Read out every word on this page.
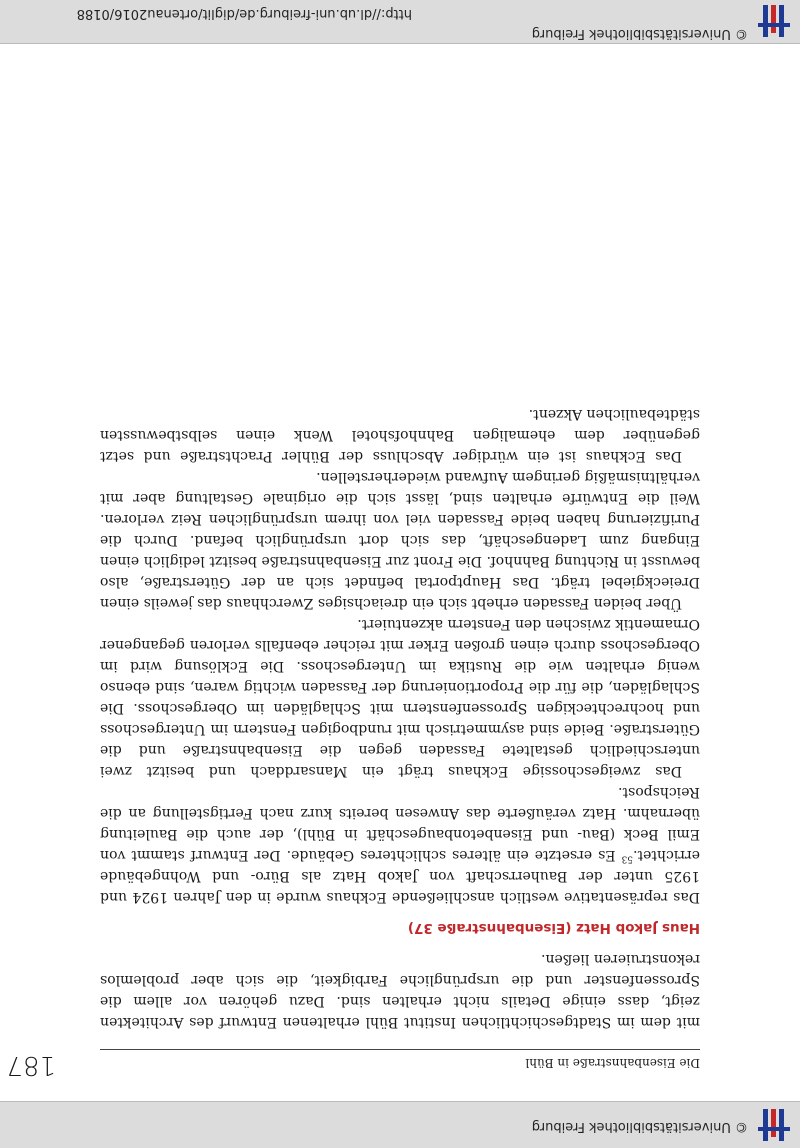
© Universitätsbibliothek Freiburg
Die Eisenbahnstraße in Bühl
187

mit dem im Stadtgeschichtlichen Institut Bühl erhaltenen Entwurf des Architekten zeigt, dass einige Details nicht erhalten sind. Dazu gehören vor allem die Sprossenfenster und die ursprüngliche Farbigkeit, die sich aber problemlos rekonstruieren ließen.

Haus Jakob Hatz (Eisenbahnstraße 37)

Das repräsentative westlich anschließende Eckhaus wurde in den Jahren 1924 und 1925 unter der Bauherrschaft von Jakob Hatz als Büro- und Wohngebäude errichtet.$^{53}$ Es ersetzte ein älteres schlichteres Gebäude. Der Entwurf stammt von Emil Beck (Bau- und Eisenbetonbaugeschäft in Bühl), der auch die Bauleitung übernahm. Hatz veräußerte das Anwesen bereits kurz nach Fertigstellung an die Reichspost.

Das zweigeschossige Eckhaus trägt ein Mansarddach und besitzt zwei unterschiedlich gestaltete Fassaden gegen die Eisenbahnstraße und die Güterstraße. Beide sind asymmetrisch mit rundbogigen Fenstern im Untergeschoss und hochrechteckigen Sprossenfenstern mit Schlagläden im Obergeschoss. Die Schlagläden, die für die Proportionierung der Fassaden wichtig waren, sind ebenso wenig erhalten wie die Rustika im Untergeschoss. Die Ecklösung wird im Obergeschoss durch einen großen Erker mit reicher ebenfalls verloren gegangener Ornamentik zwischen den Fenstern akzentuiert.

Über beiden Fassaden erhebt sich ein dreiachsiges Zwerchhaus das jeweils einen Dreieckgiebel trägt. Das Hauptportal befindet sich an der Güterstraße, also bewusst in Richtung Bahnhof. Die Front zur Eisenbahnstraße besitzt lediglich einen Eingang zum Ladengeschäft, das sich dort ursprünglich befand. Durch die Purifizierung haben beide Fassaden viel von ihrem ursprünglichen Reiz verloren. Weil die Entwürfe erhalten sind, lässt sich die originale Gestaltung aber mit verhältnismäßig geringem Aufwand wiederherstellen.

Das Eckhaus ist ein würdiger Abschluss der Bühler Prachtstraße und setzt gegenüber dem ehemaligen Bahnhofshotel Wenk einen selbstbewussten städtebaulichen Akzent.

© Universitätsbibliothek Freiburg
http://dl.ub.uni-freiburg.de/diglit/ortenau2016/0188
